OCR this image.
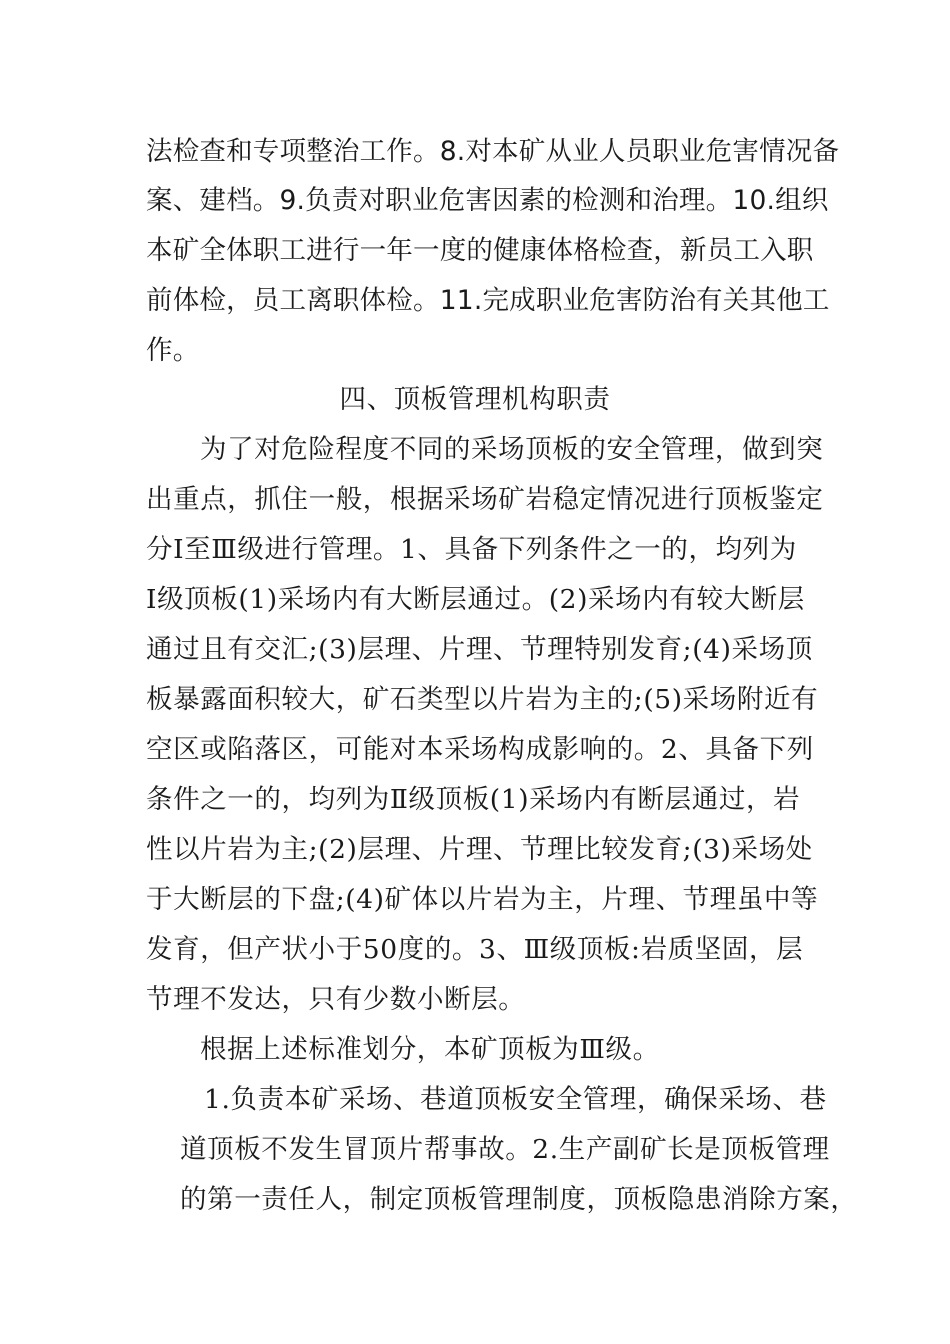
法检查和专项整治工作。8.对本矿从业人员职业危害情况备
案、建档。9.负责对职业危害因素的检测和治理。10.组织
本矿全体职工进行一年一度的健康体格检查，新员工入职
前体检，员工离职体检。11.完成职业危害防治有关其他工
作。
四、顶板管理机构职责
为了对危险程度不同的采场顶板的安全管理，做到突
出重点，抓住一般，根据采场矿岩稳定情况进行顶板鉴定
分Ⅰ至Ⅲ级进行管理。1、具备下列条件之一的，均列为
Ⅰ级顶板(1)采场内有大断层通过。(2)采场内有较大断层
通过且有交汇;(3)层理、片理、节理特别发育;(4)采场顶
板暴露面积较大，矿石类型以片岩为主的;(5)采场附近有
空区或陷落区，可能对本采场构成影响的。2、具备下列
条件之一的，均列为Ⅱ级顶板(1)采场内有断层通过，岩
性以片岩为主;(2)层理、片理、节理比较发育;(3)采场处
于大断层的下盘;(4)矿体以片岩为主，片理、节理虽中等
发育，但产状小于50度的。3、Ⅲ级顶板:岩质坚固，层
节理不发达，只有少数小断层。
根据上述标准划分，本矿顶板为Ⅲ级。
1.负责本矿采场、巷道顶板安全管理，确保采场、巷
道顶板不发生冒顶片帮事故。2.生产副矿长是顶板管理
的第一责任人，制定顶板管理制度，顶板隐患消除方案，
